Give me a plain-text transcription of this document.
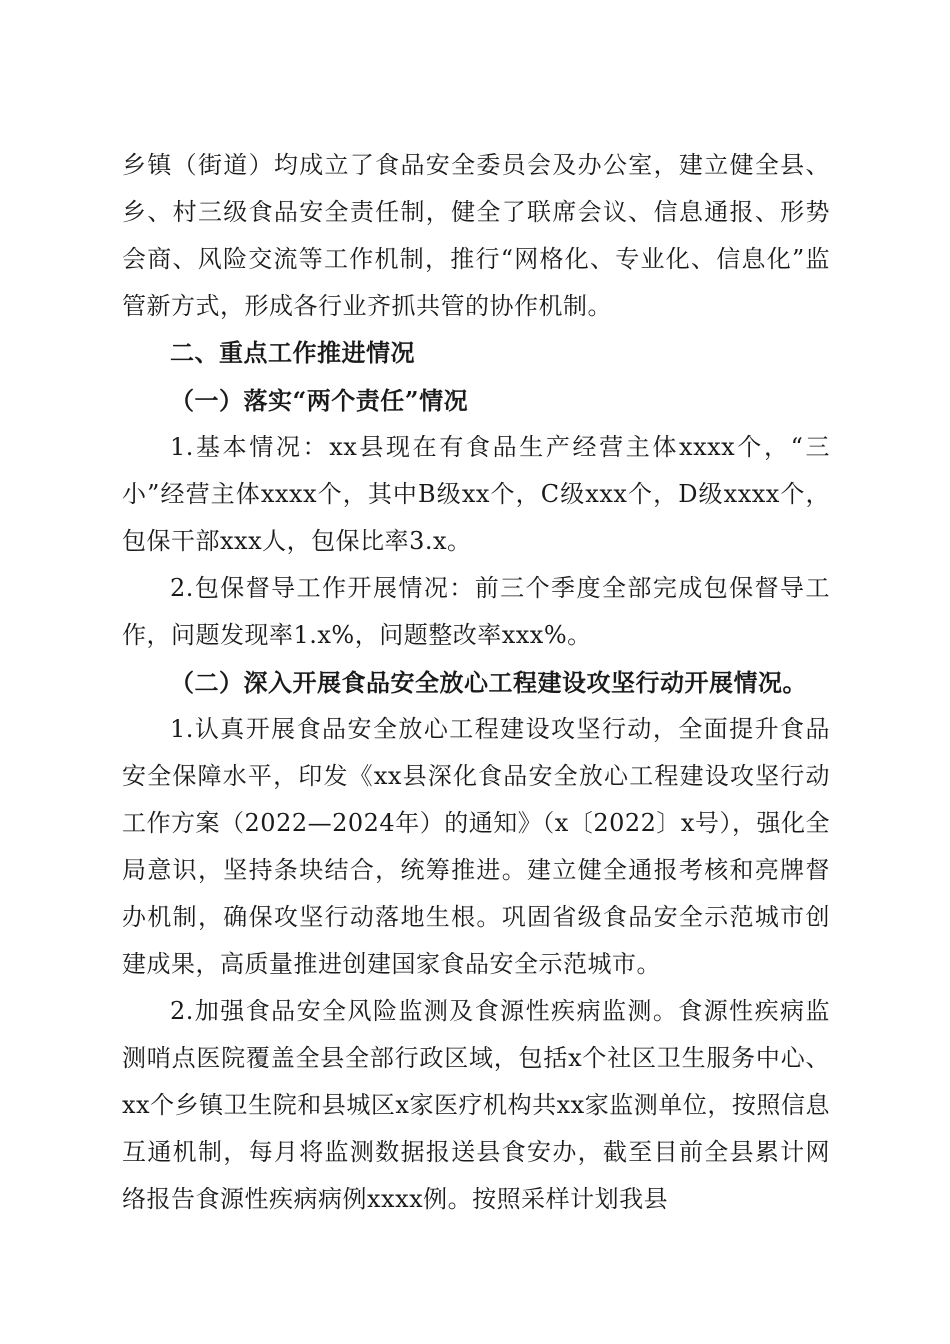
乡镇（街道）均成立了食品安全委员会及办公室，建立健全县、乡、村三级食品安全责任制，健全了联席会议、信息通报、形势会商、风险交流等工作机制，推行“网格化、专业化、信息化”监管新方式，形成各行业齐抓共管的协作机制。

二、重点工作推进情况

（一）落实“两个责任”情况

1.基本情况：xx县现在有食品生产经营主体xxxx个，“三小”经营主体xxxx个，其中B级xx个，C级xxx个，D级xxxx个，包保干部xxx人，包保比率3.x。

2.包保督导工作开展情况：前三个季度全部完成包保督导工作，问题发现率1.x%，问题整改率xxx%。

（二）深入开展食品安全放心工程建设攻坚行动开展情况。

1.认真开展食品安全放心工程建设攻坚行动，全面提升食品安全保障水平，印发《xx县深化食品安全放心工程建设攻坚行动工作方案（2022—2024年）的通知》（x〔2022〕x号），强化全局意识，坚持条块结合，统筹推进。建立健全通报考核和亮牌督办机制，确保攻坚行动落地生根。巩固省级食品安全示范城市创建成果，高质量推进创建国家食品安全示范城市。

2.加强食品安全风险监测及食源性疾病监测。食源性疾病监测哨点医院覆盖全县全部行政区域，包括x个社区卫生服务中心、xx个乡镇卫生院和县城区x家医疗机构共xx家监测单位，按照信息互通机制，每月将监测数据报送县食安办，截至目前全县累计网络报告食源性疾病病例xxxx例。按照采样计划我县
